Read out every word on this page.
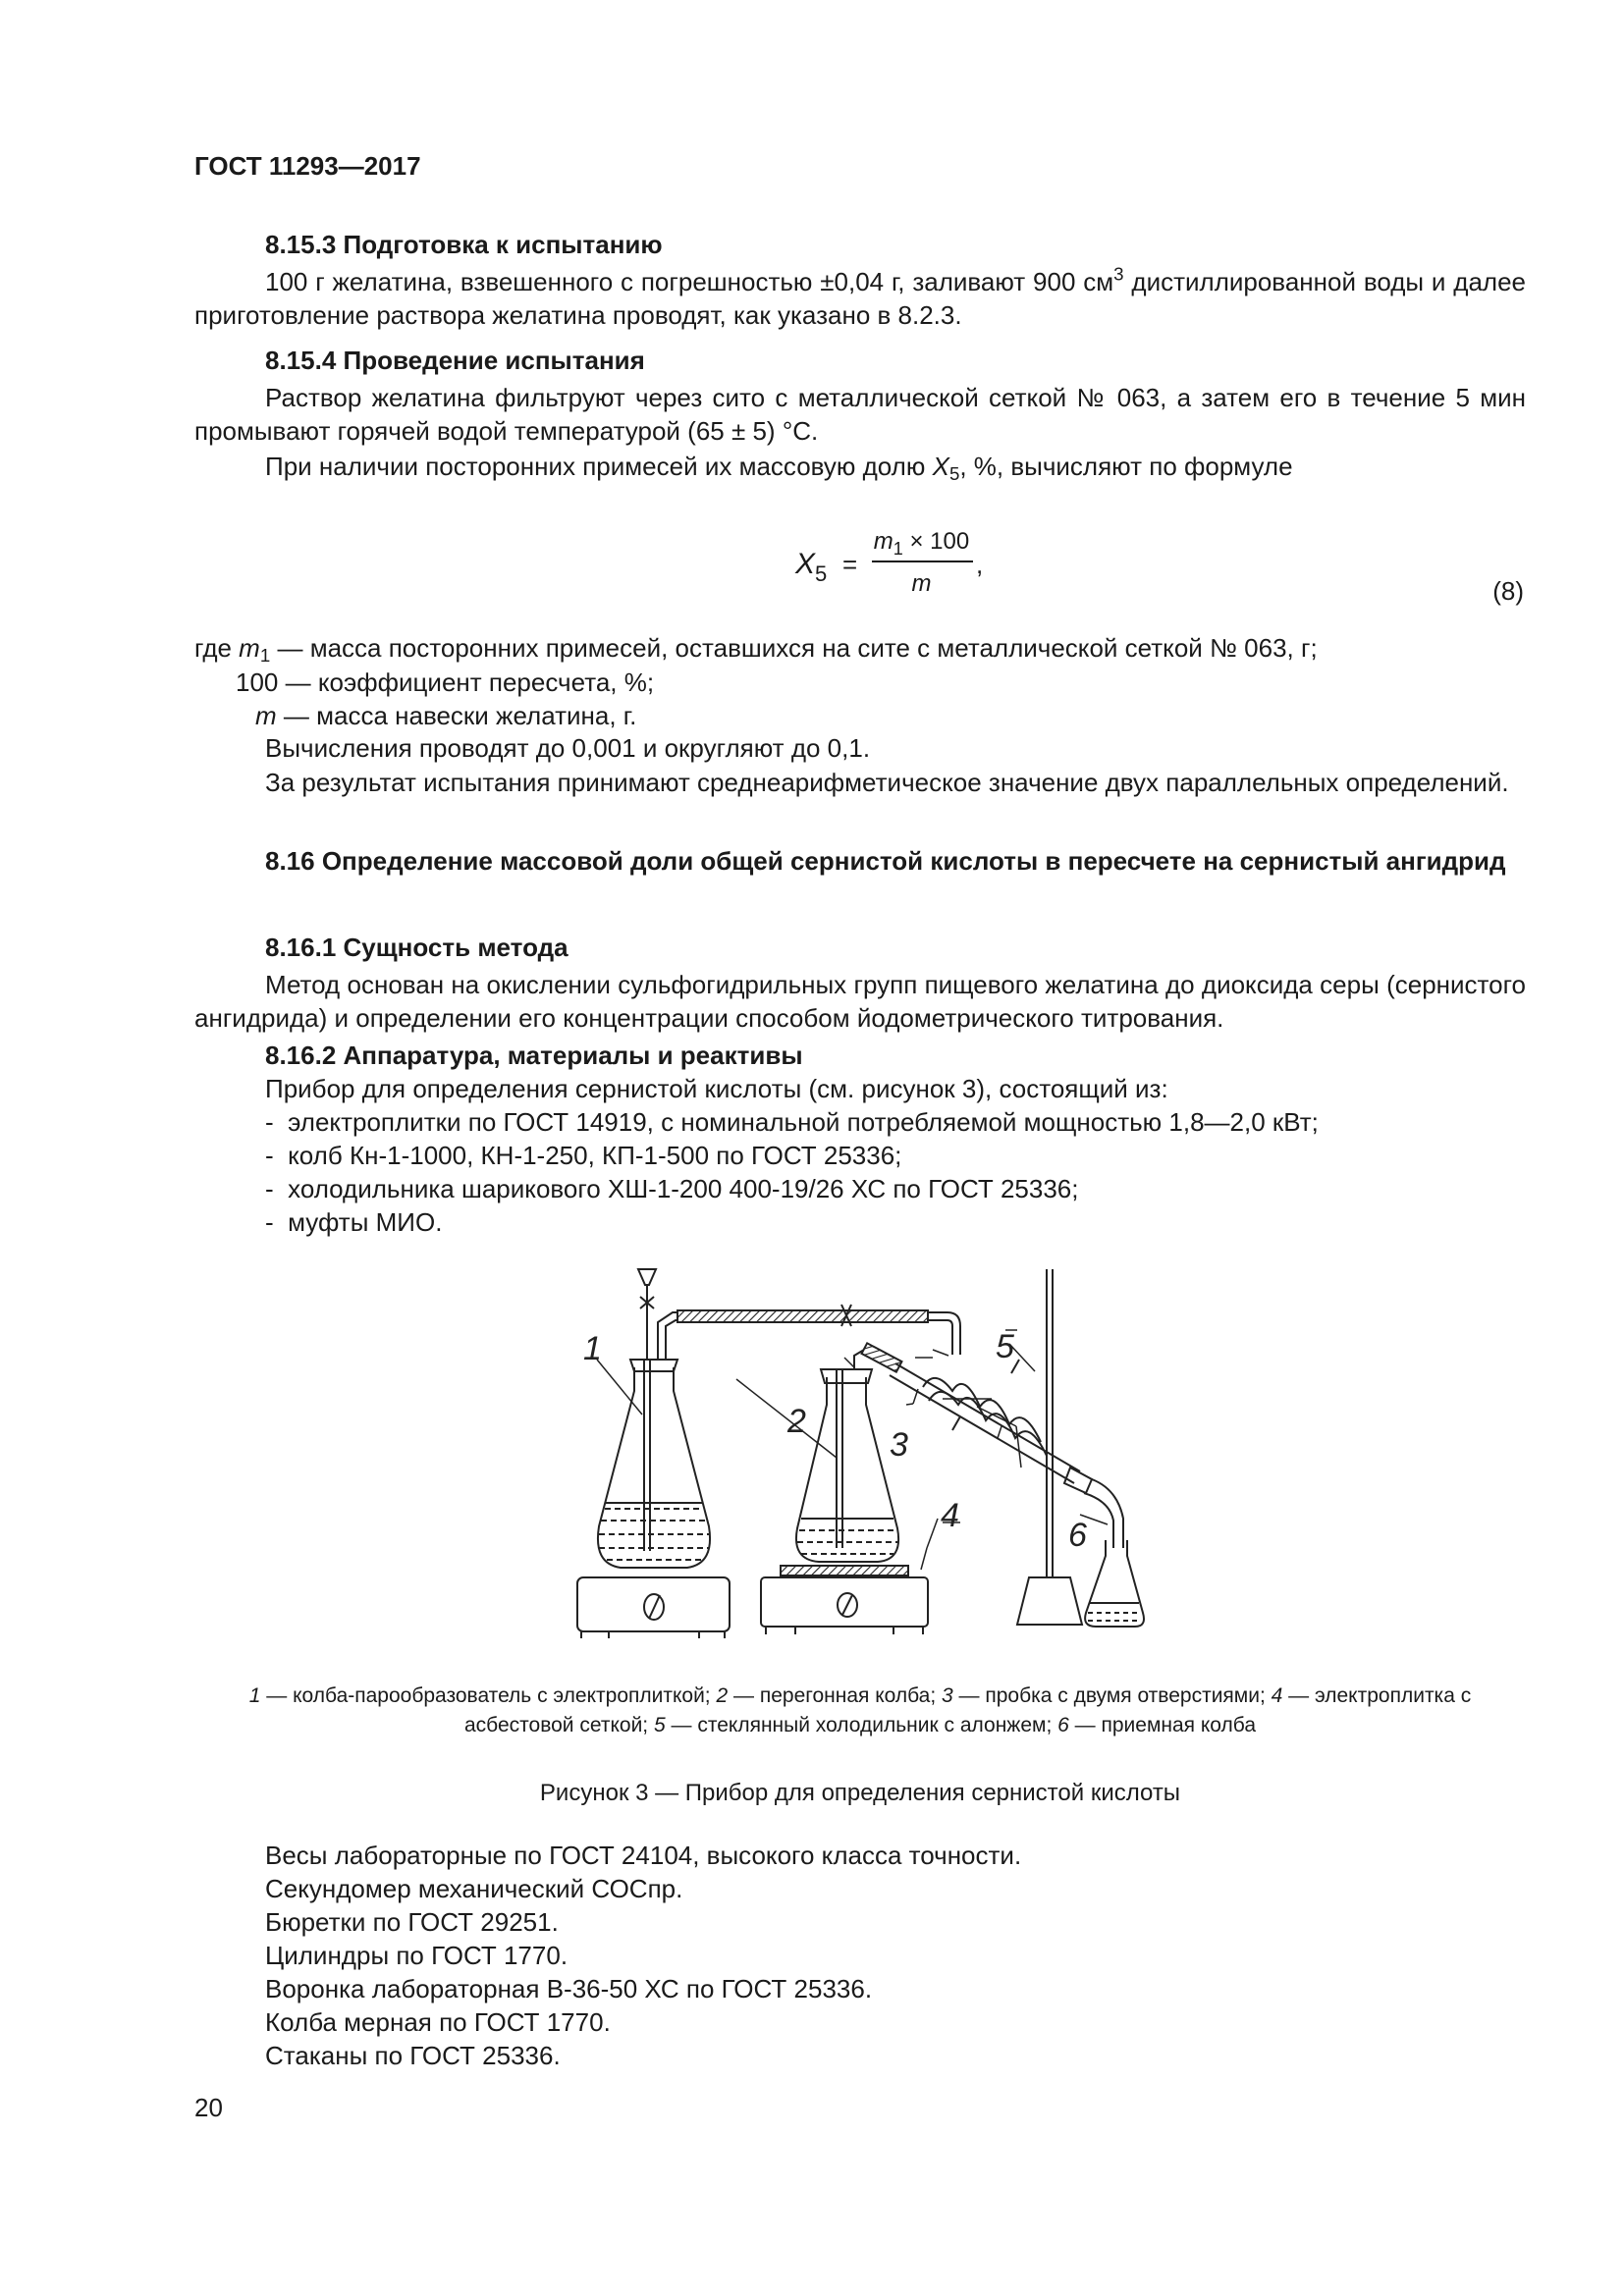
ГОСТ 11293—2017
8.15.3 Подготовка к испытанию
100 г желатина, взвешенного с погрешностью ±0,04 г, заливают 900 $см^3$ дистиллированной воды и далее приготовление раствора желатина проводят, как указано в 8.2.3.
8.15.4 Проведение испытания
Раствор желатина фильтруют через сито с металлической сеткой № 063, а затем его в течение 5 мин промывают горячей водой температурой (65 ± 5) °С.
При наличии посторонних примесей их массовую долю $X_5$, %, вычисляют по формуле
$X_5$ =
$m_1 \times 100$
m
,
(8)
где $m_1$ — масса посторонних примесей, оставшихся на сите с металлической сеткой № 063, г;
100 — коэффициент пересчета, %;
m — масса навески желатина, г.
Вычисления проводят до 0,001 и округляют до 0,1.
За результат испытания принимают среднеарифметическое значение двух параллельных определений.
8.16 Определение массовой доли общей сернистой кислоты в пересчете на сернистый ангидрид
8.16.1 Сущность метода
Метод основан на окислении сульфогидрильных групп пищевого желатина до диоксида серы (сернистого ангидрида) и определении его концентрации способом йодометрического титрования.
8.16.2 Аппаратура, материалы и реактивы
Прибор для определения сернистой кислоты (см. рисунок 3), состоящий из:
-  электроплитки по ГОСТ 14919, с номинальной потребляемой мощностью 1,8—2,0 кВт;
-  колб Кн-1-1000, КН-1-250, КП-1-500 по ГОСТ 25336;
-  холодильника шарикового ХШ-1-200 400-19/26 ХС по ГОСТ 25336;
-  муфты МИО.
1
2
3
4
5
6
1 — колба-парообразователь с электроплиткой; 2 — перегонная колба; 3 — пробка с двумя отверстиями; 4 — электроплитка с асбестовой сеткой; 5 — стеклянный холодильник с алонжем; 6 — приемная колба
Рисунок 3 — Прибор для определения сернистой кислоты
Весы лабораторные по ГОСТ 24104, высокого класса точности.
Секундомер механический СОСпр.
Бюретки по ГОСТ 29251.
Цилиндры по ГОСТ 1770.
Воронка лабораторная В-36-50 ХС по ГОСТ 25336.
Колба мерная по ГОСТ 1770.
Стаканы по ГОСТ 25336.
20
